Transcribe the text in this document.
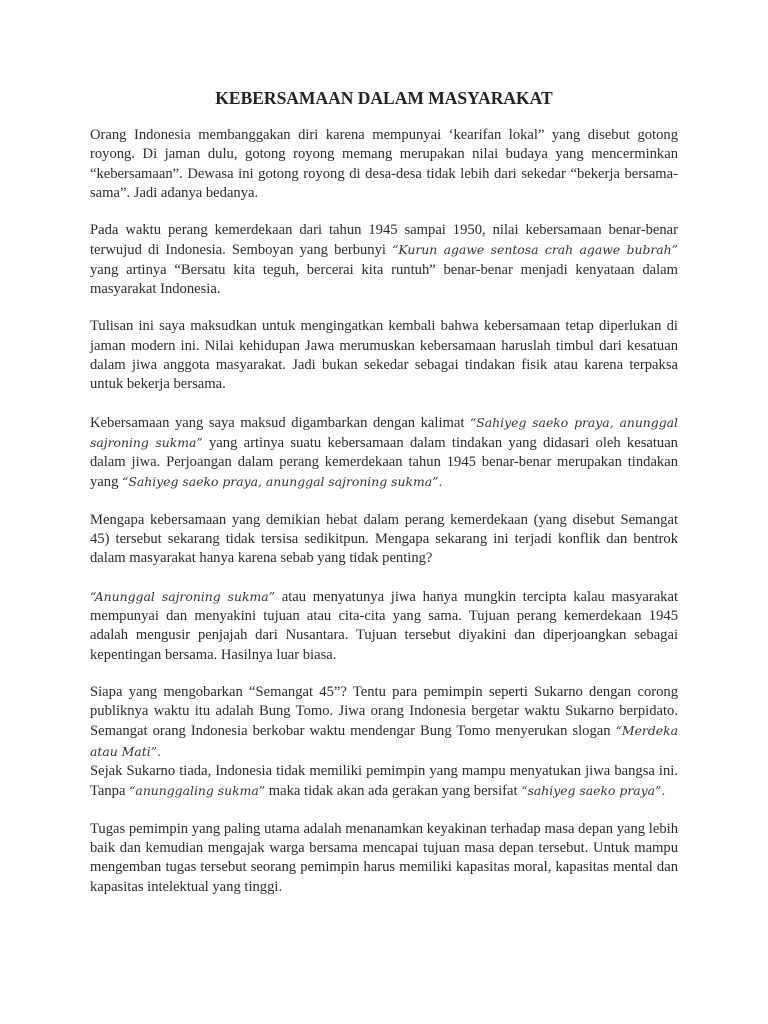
KEBERSAMAAN DALAM MASYARAKAT

Orang Indonesia membanggakan diri karena mempunyai ‘kearifan lokal” yang disebut gotong royong. Di jaman dulu, gotong royong memang merupakan nilai budaya yang mencerminkan “kebersamaan”. Dewasa ini gotong royong di desa-desa tidak lebih dari sekedar “bekerja bersama-sama”. Jadi adanya bedanya.

Pada waktu perang kemerdekaan dari tahun 1945 sampai 1950, nilai kebersamaan benar-benar terwujud di Indonesia. Semboyan yang berbunyi “Kurun agawe sentosa crah agawe bubrah” yang artinya “Bersatu kita teguh, bercerai kita runtuh” benar-benar menjadi kenyataan dalam masyarakat Indonesia.

Tulisan ini saya maksudkan untuk mengingatkan kembali bahwa kebersamaan tetap diperlukan di jaman modern ini. Nilai kehidupan Jawa merumuskan kebersamaan haruslah timbul dari kesatuan dalam jiwa anggota masyarakat. Jadi bukan sekedar sebagai tindakan fisik atau karena terpaksa untuk bekerja bersama.

Kebersamaan yang saya maksud digambarkan dengan kalimat “Sahiyeg saeko praya, anunggal sajroning sukma” yang artinya suatu kebersamaan dalam tindakan yang didasari oleh kesatuan dalam jiwa. Perjoangan dalam perang kemerdekaan tahun 1945 benar-benar merupakan tindakan yang “Sahiyeg saeko praya, anunggal sajroning sukma”.

Mengapa kebersamaan yang demikian hebat dalam perang kemerdekaan (yang disebut Semangat 45) tersebut sekarang tidak tersisa sedikitpun. Mengapa sekarang ini terjadi konflik dan bentrok dalam masyarakat hanya karena sebab yang tidak penting?

“Anunggal sajroning sukma” atau menyatunya jiwa hanya mungkin tercipta kalau masyarakat mempunyai dan menyakini tujuan atau cita-cita yang sama. Tujuan perang kemerdekaan 1945 adalah mengusir penjajah dari Nusantara. Tujuan tersebut diyakini dan diperjoangkan sebagai kepentingan bersama. Hasilnya luar biasa.

Siapa yang mengobarkan “Semangat 45”? Tentu para pemimpin seperti Sukarno dengan corong publiknya waktu itu adalah Bung Tomo. Jiwa orang Indonesia bergetar waktu Sukarno berpidato. Semangat orang Indonesia berkobar waktu mendengar Bung Tomo menyerukan slogan “Merdeka atau Mati”.

Sejak Sukarno tiada, Indonesia tidak memiliki pemimpin yang mampu menyatukan jiwa bangsa ini. Tanpa “anunggaling sukma” maka tidak akan ada gerakan yang bersifat “sahiyeg saeko praya”.

Tugas pemimpin yang paling utama adalah menanamkan keyakinan terhadap masa depan yang lebih baik dan kemudian mengajak warga bersama mencapai tujuan masa depan tersebut. Untuk mampu mengemban tugas tersebut seorang pemimpin harus memiliki kapasitas moral, kapasitas mental dan kapasitas intelektual yang tinggi.
